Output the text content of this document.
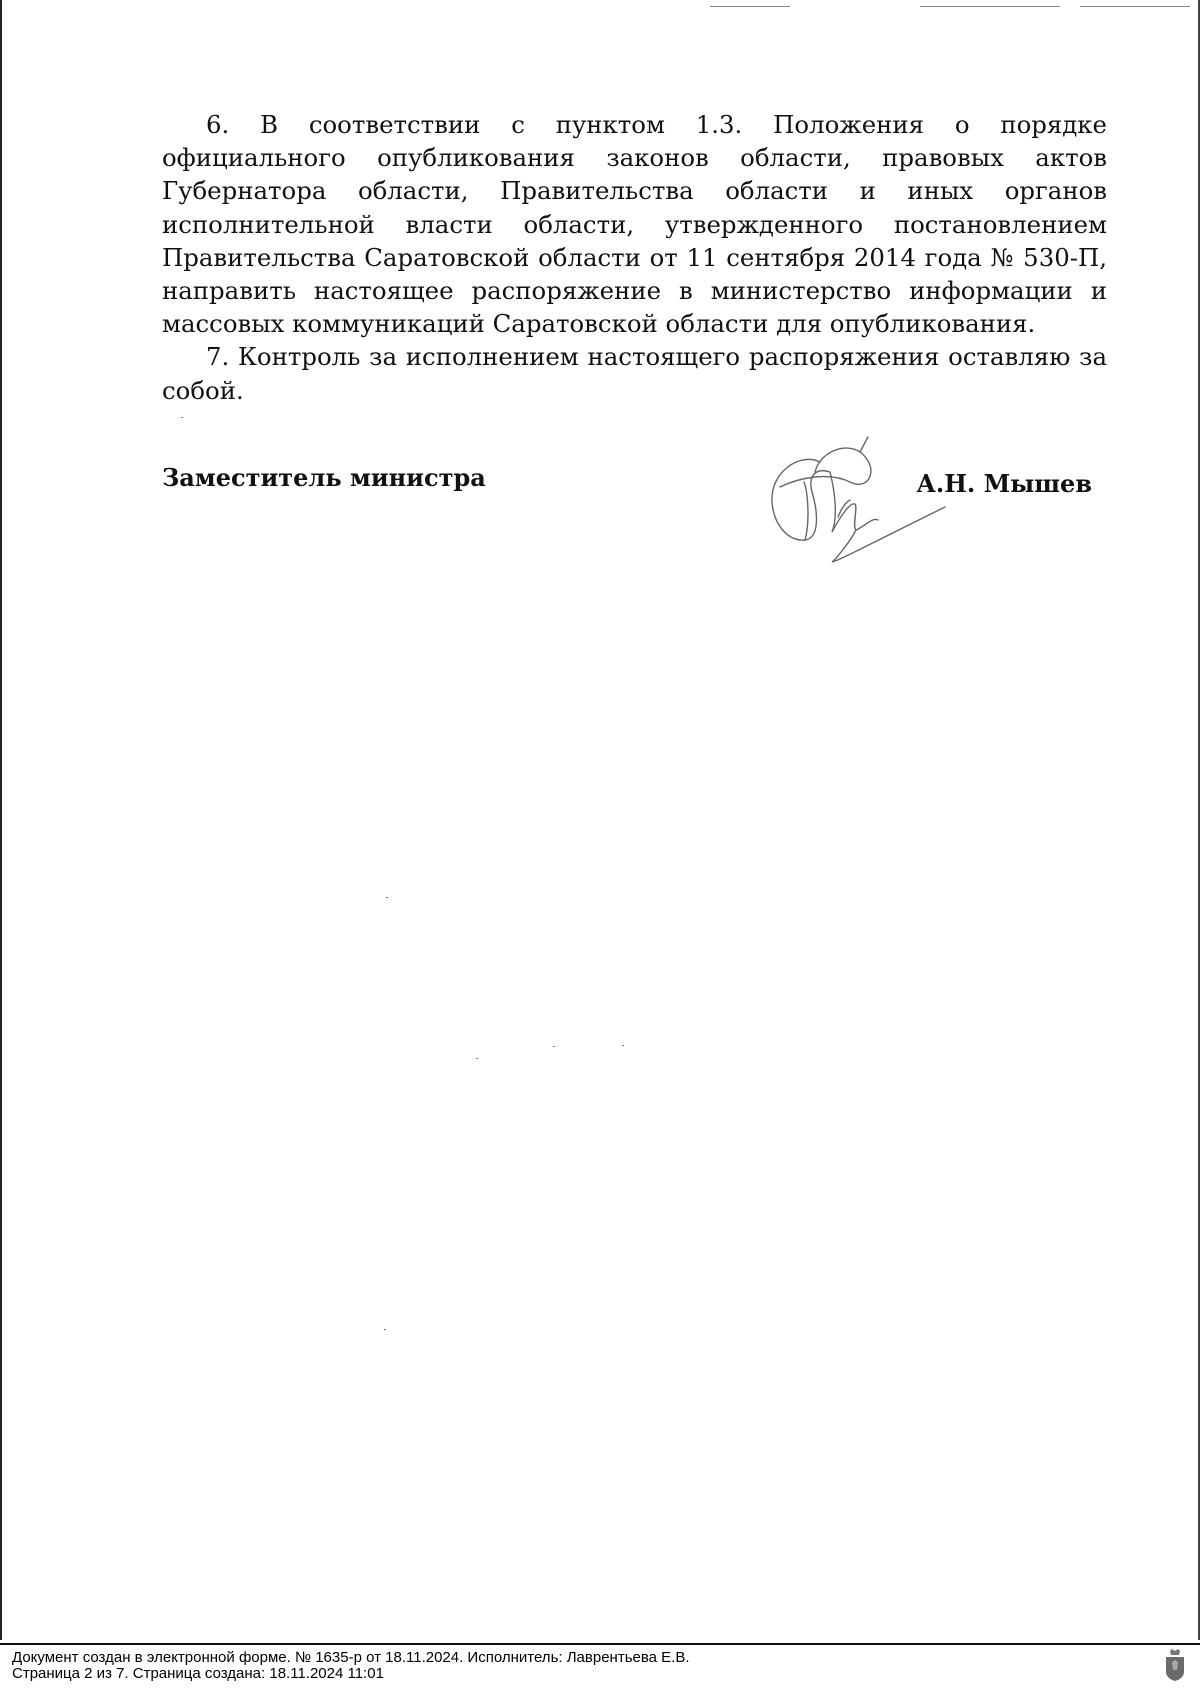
6. В соответствии с пунктом 1.3. Положения о порядке официального опубликования законов области, правовых актов Губернатора области, Правительства области и иных органов исполнительной власти области, утвержденного постановлением Правительства Саратовской области от 11 сентября 2014 года № 530-П, направить настоящее распоряжение в министерство информации и массовых коммуникаций Саратовской области для опубликования.

7. Контроль за исполнением настоящего распоряжения оставляю за собой.

Заместитель министра	А.Н. Мышев
Документ создан в электронной форме. № 1635-р от 18.11.2024. Исполнитель: Лаврентьева Е.В.
Страница 2 из 7. Страница создана: 18.11.2024 11:01
